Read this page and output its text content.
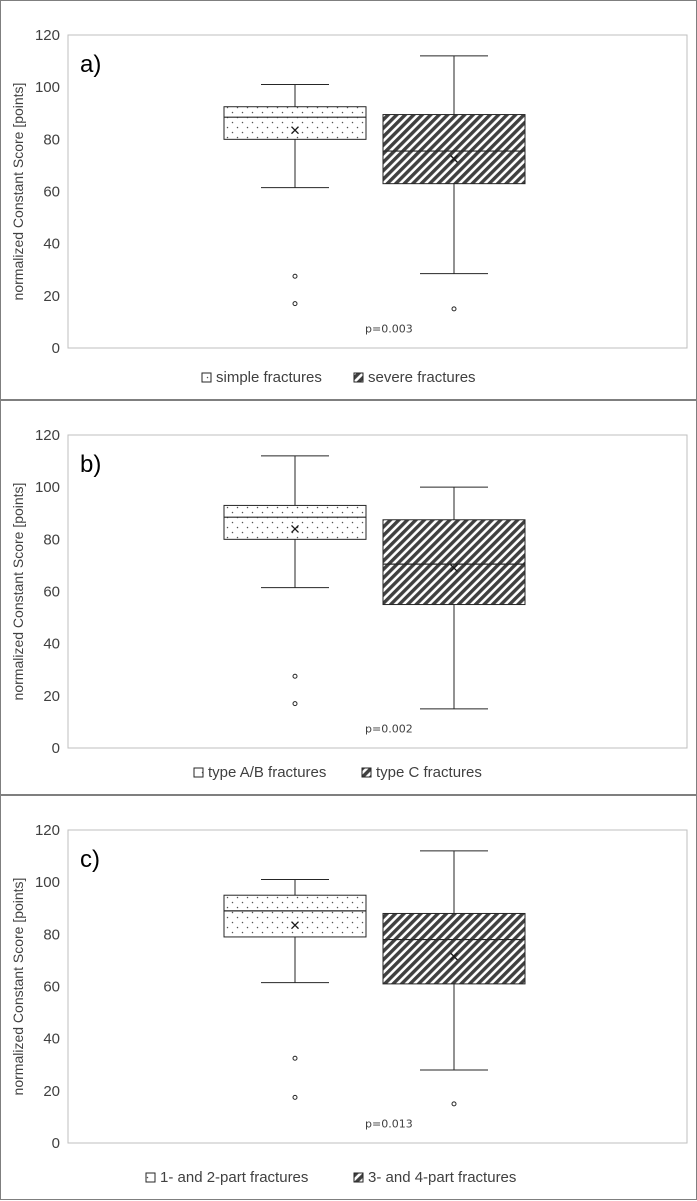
0
20
40
60
80
100
120
normalized Constant Score [points]
a)
p=0.003
simple fractures	severe fractures
0
20
40
60
80
100
120
normalized Constant Score [points]
b)
p=0.002
type A/B fractures	type C fractures
0
20
40
60
80
100
120
normalized Constant Score [points]
c)
p=0.013
1- and 2-part fractures	3- and 4-part fractures
